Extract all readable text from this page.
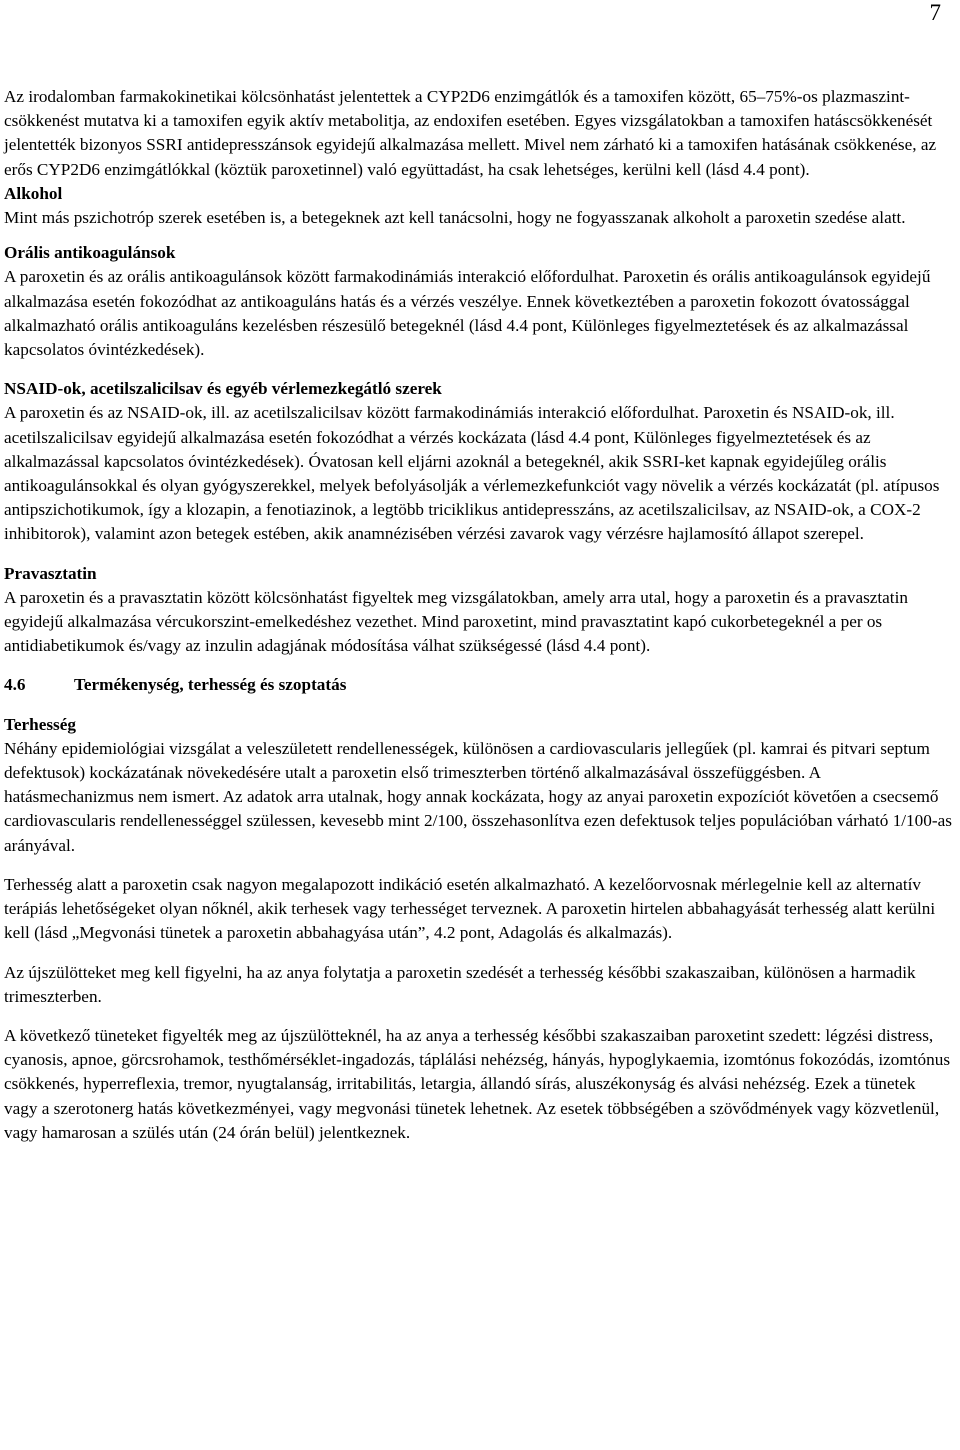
7

Az irodalomban farmakokinetikai kölcsönhatást jelentettek a CYP2D6 enzimgátlók és a tamoxifen között, 65–75%-os plazmaszint-csökkenést mutatva ki a tamoxifen egyik aktív metabolitja, az endoxifen esetében. Egyes vizsgálatokban a tamoxifen hatáscsökkenését jelentették bizonyos SSRI antidepresszánsok egyidejű alkalmazása mellett. Mivel nem zárható ki a tamoxifen hatásának csökkenése, az erős CYP2D6 enzimgátlókkal (köztük paroxetinnel) való együttadást, ha csak lehetséges, kerülni kell (lásd 4.4 pont).

Alkohol

Mint más pszichotróp szerek esetében is, a betegeknek azt kell tanácsolni, hogy ne fogyasszanak alkoholt a paroxetin szedése alatt.

Orális antikoagulánsok

A paroxetin és az orális antikoagulánsok között farmakodinámiás interakció előfordulhat. Paroxetin és orális antikoagulánsok egyidejű alkalmazása esetén fokozódhat az antikoaguláns hatás és a vérzés veszélye. Ennek következtében a paroxetin fokozott óvatossággal alkalmazható orális antikoaguláns kezelésben részesülő betegeknél (lásd 4.4 pont, Különleges figyelmeztetések és az alkalmazással kapcsolatos óvintézkedések).

NSAID-ok, acetilszalicilsav és egyéb vérlemezkegátló szerek

A paroxetin és az NSAID-ok, ill. az acetilszalicilsav között farmakodinámiás interakció előfordulhat. Paroxetin és NSAID-ok, ill. acetilszalicilsav egyidejű alkalmazása esetén fokozódhat a vérzés kockázata (lásd 4.4 pont, Különleges figyelmeztetések és az alkalmazással kapcsolatos óvintézkedések). Óvatosan kell eljárni azoknál a betegeknél, akik SSRI-ket kapnak egyidejűleg orális antikoagulánsokkal és olyan gyógyszerekkel, melyek befolyásolják a vérlemezkefunkciót vagy növelik a vérzés kockázatát (pl. atípusos antipszichotikumok, így a klozapin, a fenotiazinok, a legtöbb triciklikus antidepresszáns, az acetilszalicilsav, az NSAID-ok, a COX-2 inhibitorok), valamint azon betegek estében, akik anamnézisében vérzési zavarok vagy vérzésre hajlamosító állapot szerepel.

Pravasztatin

A paroxetin és a pravasztatin között kölcsönhatást figyeltek meg vizsgálatokban, amely arra utal, hogy a paroxetin és a pravasztatin egyidejű alkalmazása vércukorszint-emelkedéshez vezethet. Mind paroxetint, mind pravasztatint kapó cukorbetegeknél a per os antidiabetikumok és/vagy az inzulin adagjának módosítása válhat szükségessé (lásd 4.4 pont).

4.6	Termékenység, terhesség és szoptatás

Terhesség

Néhány epidemiológiai vizsgálat a veleszületett rendellenességek, különösen a cardiovascularis jellegűek (pl. kamrai és pitvari septum defektusok) kockázatának növekedésére utalt a paroxetin első trimeszterben történő alkalmazásával összefüggésben. A hatásmechanizmus nem ismert. Az adatok arra utalnak, hogy annak kockázata, hogy az anyai paroxetin expozíciót követően a csecsemő cardiovascularis rendellenességgel szülessen, kevesebb mint 2/100, összehasonlítva ezen defektusok teljes populációban várható 1/100-as arányával.

Terhesség alatt a paroxetin csak nagyon megalapozott indikáció esetén alkalmazható. A kezelőorvosnak mérlegelnie kell az alternatív terápiás lehetőségeket olyan nőknél, akik terhesek vagy terhességet terveznek. A paroxetin hirtelen abbahagyását terhesség alatt kerülni kell (lásd „Megvonási tünetek a paroxetin abbahagyása után”, 4.2 pont, Adagolás és alkalmazás).

Az újszülötteket meg kell figyelni, ha az anya folytatja a paroxetin szedését a terhesség későbbi szakaszaiban, különösen a harmadik trimeszterben.

A következő tüneteket figyelték meg az újszülötteknél, ha az anya a terhesség későbbi szakaszaiban paroxetint szedett: légzési distress, cyanosis, apnoe, görcsrohamok, testhőmérséklet-ingadozás, táplálási nehézség, hányás, hypoglykaemia, izomtónus fokozódás, izomtónus csökkenés, hyperreflexia, tremor, nyugtalanság, irritabilitás, letargia, állandó sírás, aluszékonyság és alvási nehézség. Ezek a tünetek vagy a szerotonerg hatás következményei, vagy megvonási tünetek lehetnek. Az esetek többségében a szövődmények vagy közvetlenül, vagy hamarosan a szülés után (24 órán belül) jelentkeznek.
